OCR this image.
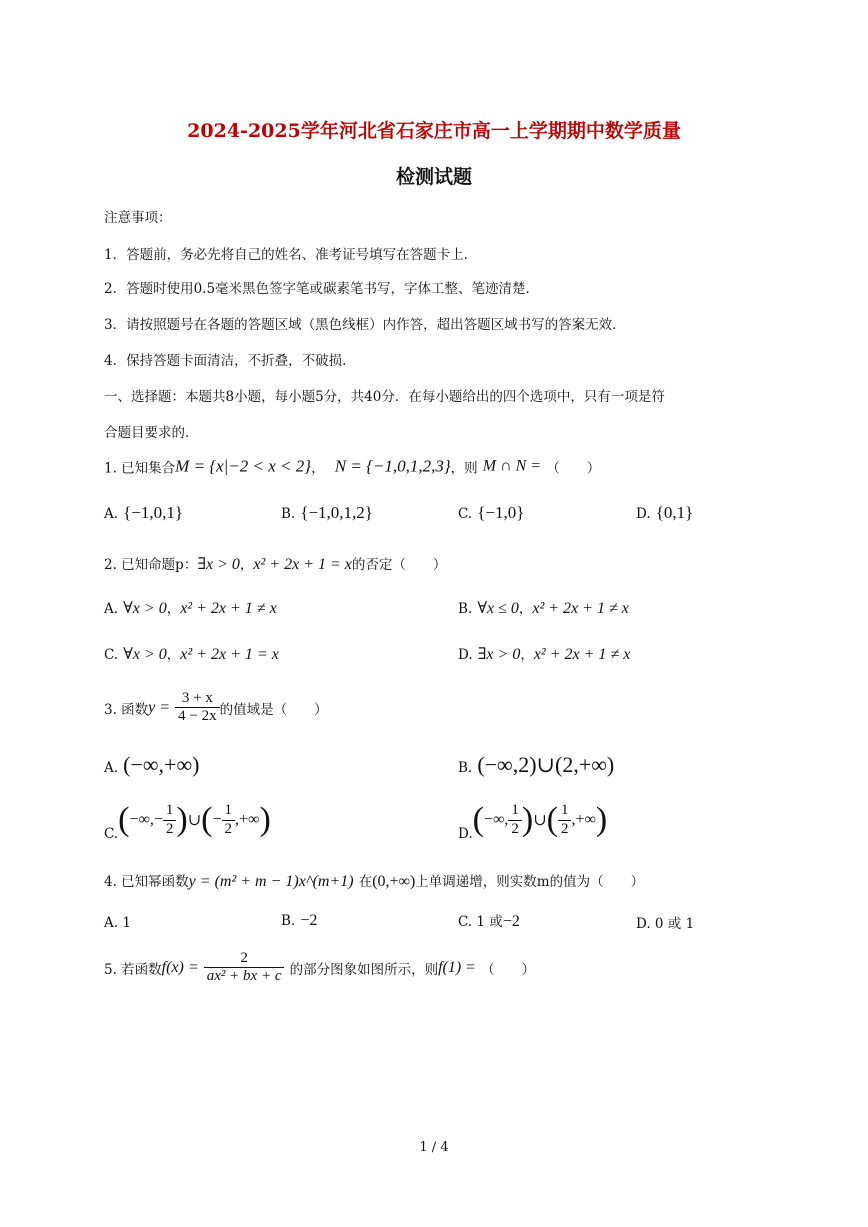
2024-2025学年河北省石家庄市高一上学期期中数学质量
检测试题
注意事项：
1．答题前，务必先将自己的姓名、准考证号填写在答题卡上．
2．答题时使用0.5毫米黑色签字笔或碳素笔书写，字体工整、笔迹清楚．
3．请按照题号在各题的答题区域（黑色线框）内作答，超出答题区域书写的答案无效．
4．保持答题卡面清洁，不折叠，不破损．
一、选择题：本题共8小题，每小题5分，共40分．在每小题给出的四个选项中，只有一项是符
合题目要求的．
1. 已知集合M = {x|−2 < x < 2}， N = {−1,0,1,2,3}，则 M ∩ N = （　　）
A. {−1,0,1}	B. {−1,0,1,2}	C. {−1,0}	D. {0,1}
2. 已知命题p：∃x > 0，x² + 2x + 1 = x的否定（　　）
A. ∀x > 0，x² + 2x + 1 ≠ x	B. ∀x ≤ 0，x² + 2x + 1 ≠ x
C. ∀x > 0，x² + 2x + 1 = x	D. ∃x > 0，x² + 2x + 1 ≠ x
3. 函数$y = \frac{3 + x}{4 - 2x}$ 的值域是（　　）
A. (−∞,+∞)	B. (−∞,2)∪(2,+∞)
C. ( −∞,− $\frac{1}{2}$ ) ∪ ( − $\frac{1}{2}$ ,+∞ )	D. ( −∞, $\frac{1}{2}$ ) ∪ ( $\frac{1}{2}$ ,+∞ )
4. 已知幂函数y = (m² + m − 1)x^(m+1) 在(0,+∞)上单调递增，则实数m的值为（　　）
A. 1	B. −2	C. 1 或−2	D. 0 或 1
5. 若函数$f(x) = \frac{2}{\text{ax² + bx + c}}$ 的部分图象如图所示，则f(1) = （　　）
1 / 4
